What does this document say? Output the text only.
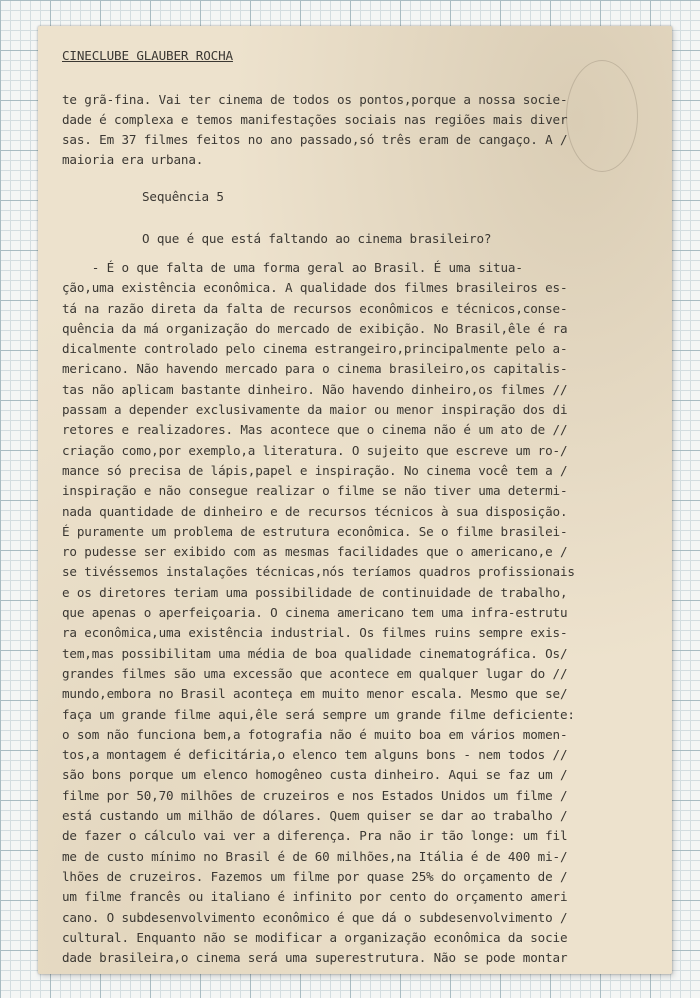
CINECLUBE GLAUBER ROCHA
te grã-fina. Vai ter cinema de todos os pontos,porque a nossa socie-
dade é complexa e temos manifestações sociais nas regiões mais diver
sas. Em 37 filmes feitos no ano passado,só três eram de cangaço. A /
maioria era urbana.
Sequência 5
O que é que está faltando ao cinema brasileiro?
- É o que falta de uma forma geral ao Brasil. É uma situa-
ção,uma existência econômica. A qualidade dos filmes brasileiros es-
tá na razão direta da falta de recursos econômicos e técnicos,conse-
quência da má organização do mercado de exibição. No Brasil,êle é ra
dicalmente controlado pelo cinema estrangeiro,principalmente pelo a-
mericano. Não havendo mercado para o cinema brasileiro,os capitalis-
tas não aplicam bastante dinheiro. Não havendo dinheiro,os filmes //
passam a depender exclusivamente da maior ou menor inspiração dos di
retores e realizadores. Mas acontece que o cinema não é um ato de //
criação como,por exemplo,a literatura. O sujeito que escreve um ro-/
mance só precisa de lápis,papel e inspiração. No cinema você tem a /
inspiração e não consegue realizar o filme se não tiver uma determi-
nada quantidade de dinheiro e de recursos técnicos à sua disposição.
É puramente um problema de estrutura econômica. Se o filme brasilei-
ro pudesse ser exibido com as mesmas facilidades que o americano,e /
se tivéssemos instalações técnicas,nós teríamos quadros profissionais
e os diretores teriam uma possibilidade de continuidade de trabalho,
que apenas o aperfeiçoaria. O cinema americano tem uma infra-estrutu
ra econômica,uma existência industrial. Os filmes ruins sempre exis-
tem,mas possibilitam uma média de boa qualidade cinematográfica. Os/
grandes filmes são uma excessão que acontece em qualquer lugar do //
mundo,embora no Brasil aconteça em muito menor escala. Mesmo que se/
faça um grande filme aqui,êle será sempre um grande filme deficiente:
o som não funciona bem,a fotografia não é muito boa em vários momen-
tos,a montagem é deficitária,o elenco tem alguns bons - nem todos //
são bons porque um elenco homogêneo custa dinheiro. Aqui se faz um /
filme por 50,70 milhões de cruzeiros e nos Estados Unidos um filme /
está custando um milhão de dólares. Quem quiser se dar ao trabalho /
de fazer o cálculo vai ver a diferença. Pra não ir tão longe: um fil
me de custo mínimo no Brasil é de 60 milhões,na Itália é de 400 mi-/
lhões de cruzeiros. Fazemos um filme por quase 25% do orçamento de /
um filme francês ou italiano é infinito por cento do orçamento ameri
cano. O subdesenvolvimento econômico é que dá o subdesenvolvimento /
cultural. Enquanto não se modificar a organização econômica da socie
dade brasileira,o cinema será uma superestrutura. Não se pode montar
